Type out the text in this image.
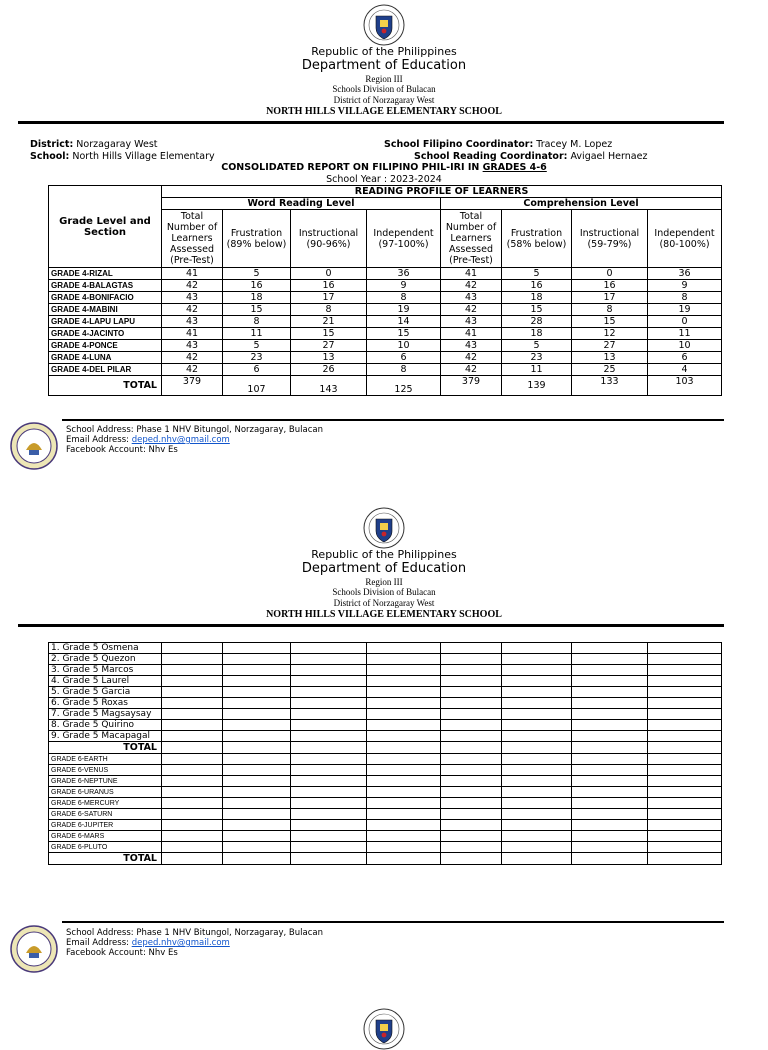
Republic of the Philippines
Department of Education
Region III
Schools Division of Bulacan
District of Norzagaray West
NORTH HILLS VILLAGE ELEMENTARY SCHOOL
District: Norzagaray West
School: North Hills Village Elementary
School Filipino Coordinator: Tracey M. Lopez
School Reading Coordinator: Avigael Hernaez
CONSOLIDATED REPORT ON FILIPINO PHIL-IRI IN GRADES 4-6
School Year : 2023-2024
Grade Level and Section	READING PROFILE OF LEARNERS							
	Word Reading Level				Comprehension Level			
	Total Number of Learners Assessed (Pre-Test)	Frustration (89% below)	Instructional (90-96%)	Independent (97-100%)	Total Number of Learners Assessed (Pre-Test)	Frustration (58% below)	Instructional (59-79%)	Independent (80-100%)
GRADE 4-RIZAL	41	5	0	36	41	5	0	36
GRADE 4-BALAGTAS	42	16	16	9	42	16	16	9
GRADE 4-BONIFACIO	43	18	17	8	43	18	17	8
GRADE 4-MABINI	42	15	8	19	42	15	8	19
GRADE 4-LAPU LAPU	43	8	21	14	43	28	15	0
GRADE 4-JACINTO	41	11	15	15	41	18	12	11
GRADE 4-PONCE	43	5	27	10	43	5	27	10
GRADE 4-LUNA	42	23	13	6	42	23	13	6
GRADE 4-DEL PILAR	42	6	26	8	42	11	25	4
TOTAL	379	107	143	125	379	139	133	103
School Address: Phase 1 NHV Bitungol, Norzagaray, Bulacan
Email Address: deped.nhv@gmail.com
Facebook Account: Nhv Es
Republic of the Philippines
Department of Education
Region III
Schools Division of Bulacan
District of Norzagaray West
NORTH HILLS VILLAGE ELEMENTARY SCHOOL
1. Grade 5 Osmena								
2. Grade 5 Quezon								
3. Grade 5 Marcos								
4. Grade 5 Laurel								
5. Grade 5 Garcia								
6. Grade 5 Roxas								
7. Grade 5 Magsaysay								
8. Grade 5 Quirino								
9. Grade 5 Macapagal								
TOTAL								
GRADE 6-EARTH								
GRADE 6-VENUS								
GRADE 6-NEPTUNE								
GRADE 6-URANUS								
GRADE 6-MERCURY								
GRADE 6-SATURN								
GRADE 6-JUPITER								
GRADE 6-MARS								
GRADE 6-PLUTO								
TOTAL								
School Address: Phase 1 NHV Bitungol, Norzagaray, Bulacan
Email Address: deped.nhv@gmail.com
Facebook Account: Nhv Es
